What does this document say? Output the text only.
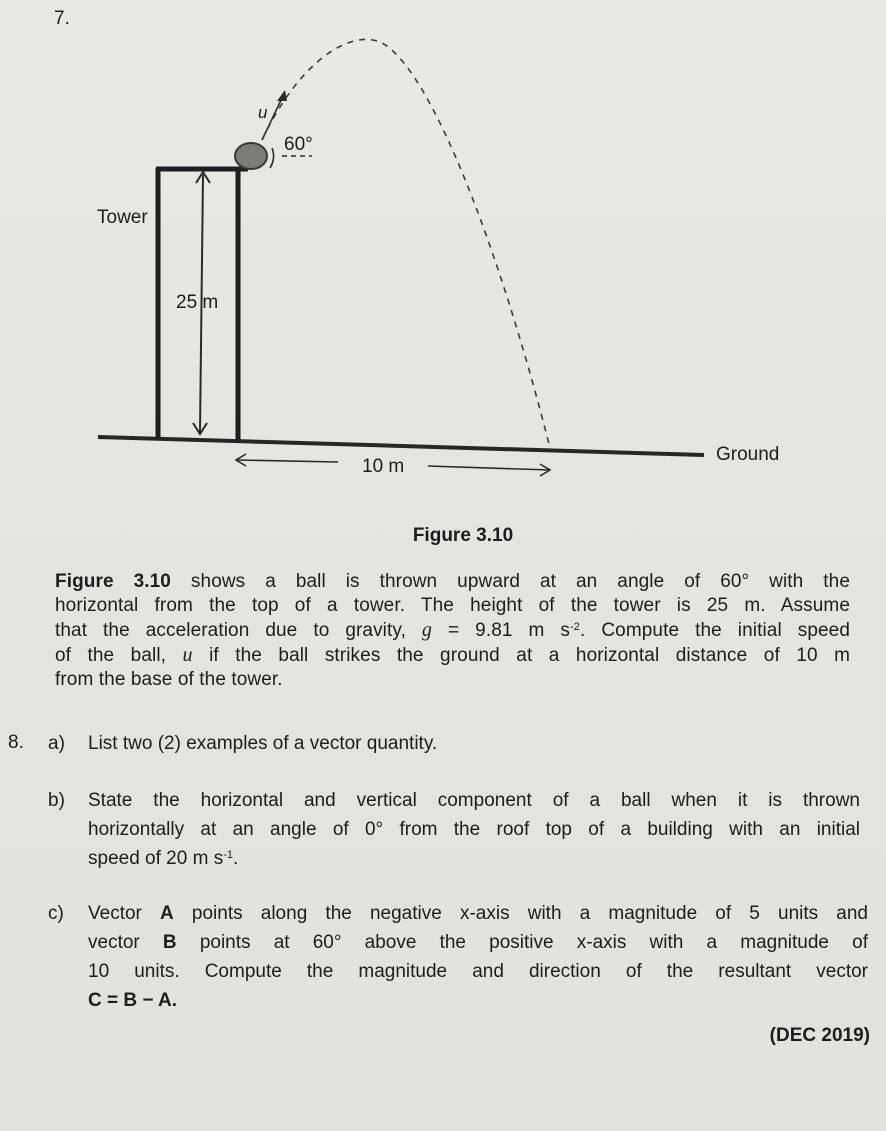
7.
u
60°
Tower
25 m
10 m
Ground
Figure 3.10
Figure 3.10 shows a ball is thrown upward at an angle of 60° with the
horizontal from the top of a tower. The height of the tower is 25 m. Assume
that the acceleration due to gravity, g = 9.81 m $s^{-2}$. Compute the initial speed
of the ball, u if the ball strikes the ground at a horizontal distance of 10 m
from the base of the tower.
8. a) List two (2) examples of a vector quantity.
b) State the horizontal and vertical component of a ball when it is thrown
horizontally at an angle of 0° from the roof top of a building with an initial
speed of 20 m $s^{-1}$.
c) Vector A points along the negative x-axis with a magnitude of 5 units and
vector B points at 60° above the positive x-axis with a magnitude of
10 units. Compute the magnitude and direction of the resultant vector
C = B − A.
(DEC 2019)
